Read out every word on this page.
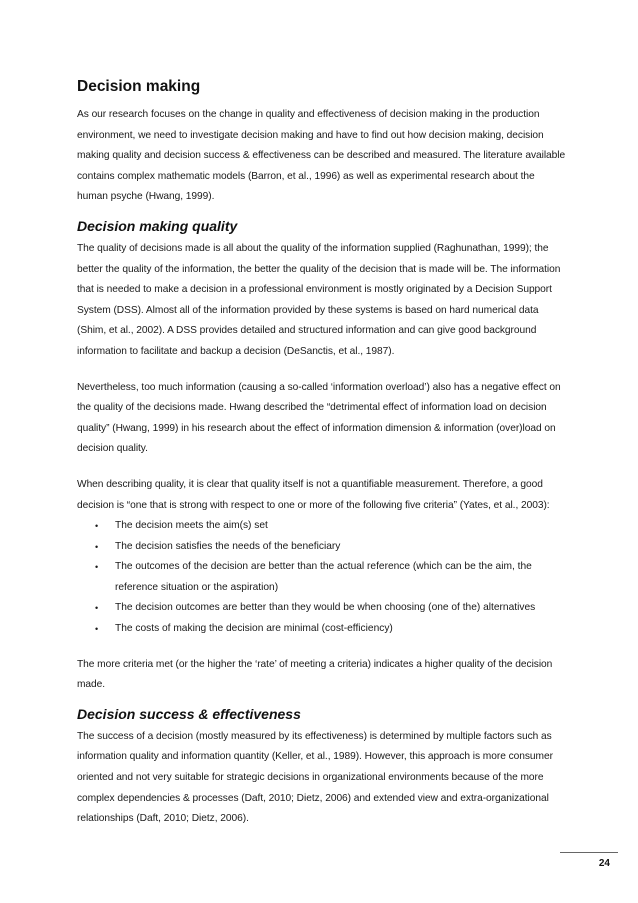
Decision making

As our research focuses on the change in quality and effectiveness of decision making in the production environment, we need to investigate decision making and have to find out how decision making, decision making quality and decision success & effectiveness can be described and measured. The literature available contains complex mathematic models (Barron, et al., 1996) as well as experimental research about the human psyche (Hwang, 1999).

Decision making quality

The quality of decisions made is all about the quality of the information supplied (Raghunathan, 1999); the better the quality of the information, the better the quality of the decision that is made will be. The information that is needed to make a decision in a professional environment is mostly originated by a Decision Support System (DSS). Almost all of the information provided by these systems is based on hard numerical data (Shim, et al., 2002). A DSS provides detailed and structured information and can give good background information to facilitate and backup a decision (DeSanctis, et al., 1987).

Nevertheless, too much information (causing a so-called ‘information overload’) also has a negative effect on the quality of the decisions made. Hwang described the “detrimental effect of information load on decision quality” (Hwang, 1999) in his research about the effect of information dimension & information (over)load on decision quality.

When describing quality, it is clear that quality itself is not a quantifiable measurement. Therefore, a good decision is “one that is strong with respect to one or more of the following five criteria” (Yates, et al., 2003):

• The decision meets the aim(s) set
• The decision satisfies the needs of the beneficiary
• The outcomes of the decision are better than the actual reference (which can be the aim, the reference situation or the aspiration)
• The decision outcomes are better than they would be when choosing (one of the) alternatives
• The costs of making the decision are minimal (cost-efficiency)

The more criteria met (or the higher the ‘rate’ of meeting a criteria) indicates a higher quality of the decision made.

Decision success & effectiveness

The success of a decision (mostly measured by its effectiveness) is determined by multiple factors such as information quality and information quantity (Keller, et al., 1989). However, this approach is more consumer oriented and not very suitable for strategic decisions in organizational environments because of the more complex dependencies & processes (Daft, 2010; Dietz, 2006) and extended view and extra-organizational relationships (Daft, 2010; Dietz, 2006).

24
